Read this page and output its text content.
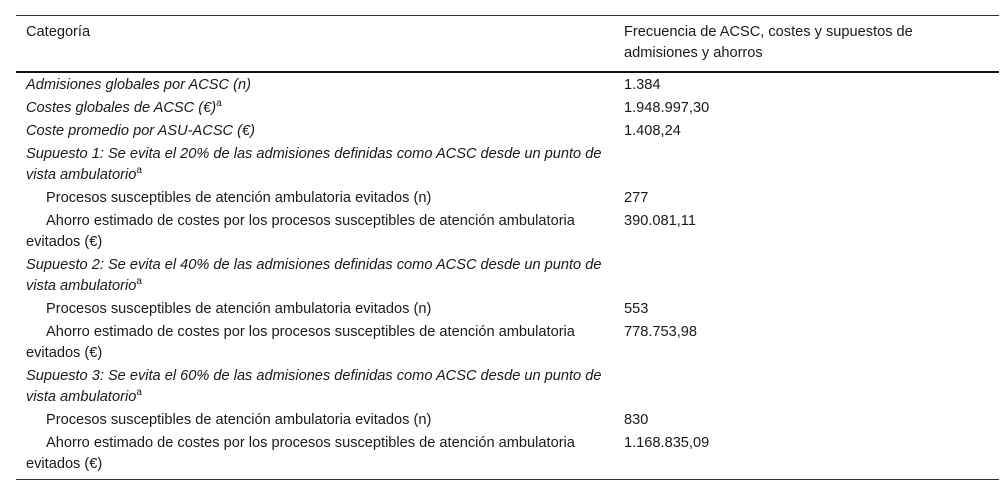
Categoría	Frecuencia de ACSC, costes y supuestos de admisiones y ahorros
Admisiones globales por ACSC (n)	1.384
Costes globales de ACSC (€)$^a$	1.948.997,30
Coste promedio por ASU-ACSC (€)	1.408,24
Supuesto 1: Se evita el 20% de las admisiones definidas como ACSC desde un punto de vista ambulatorio$^a$	
Procesos susceptibles de atención ambulatoria evitados (n)	277
Ahorro estimado de costes por los procesos susceptibles de atención ambulatoria evitados (€)	390.081,11
Supuesto 2: Se evita el 40% de las admisiones definidas como ACSC desde un punto de vista ambulatorio$^a$	
Procesos susceptibles de atención ambulatoria evitados (n)	553
Ahorro estimado de costes por los procesos susceptibles de atención ambulatoria evitados (€)	778.753,98
Supuesto 3: Se evita el 60% de las admisiones definidas como ACSC desde un punto de vista ambulatorio$^a$	
Procesos susceptibles de atención ambulatoria evitados (n)	830
Ahorro estimado de costes por los procesos susceptibles de atención ambulatoria evitados (€)	1.168.835,09
